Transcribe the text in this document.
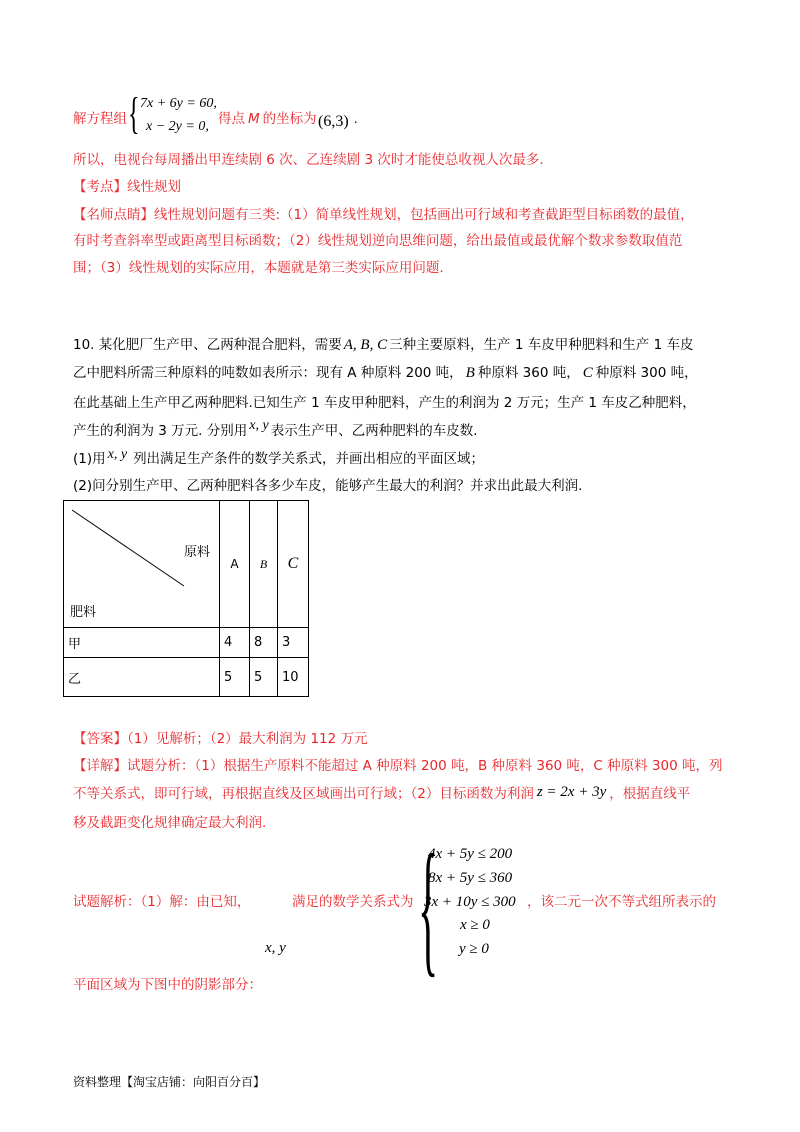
解方程组 { 7x + 6y = 60,
x − 2y = 0, 得点 M 的坐标为 (6,3) .
所以，电视台每周播出甲连续剧 6 次、乙连续剧 3 次时才能使总收视人次最多.
【考点】线性规划
【名师点睛】线性规划问题有三类:（1）简单线性规划，包括画出可行域和考查截距型目标函数的最值，
有时考查斜率型或距离型目标函数；（2）线性规划逆向思维问题，给出最值或最优解个数求参数取值范
围；（3）线性规划的实际应用，本题就是第三类实际应用问题.
10. 某化肥厂生产甲、乙两种混合肥料，需要 A, B, C 三种主要原料，生产 1 车皮甲种肥料和生产 1 车皮
乙中肥料所需三种原料的吨数如表所示：现有 A 种原料 200 吨， B 种原料 360 吨， C 种原料 300 吨，
在此基础上生产甲乙两种肥料.已知生产 1 车皮甲种肥料，产生的利润为 2 万元；生产 1 车皮乙种肥料，
产生的利润为 3 万元. 分别用 x, y 表示生产甲、乙两种肥料的车皮数.
(1)用 x, y 列出满足生产条件的数学关系式，并画出相应的平面区域；
(2)问分别生产甲、乙两种肥料各多少车皮，能够产生最大的利润？并求出此最大利润.
原料
肥料	A	B	C
甲	4	8	3
乙	5	5	10
【答案】（1）见解析；（2）最大利润为 112 万元
【详解】试题分析：（1）根据生产原料不能超过 A 种原料 200 吨，B 种原料 360 吨，C 种原料 300 吨，列
不等关系式，即可行域，再根据直线及区域画出可行域；（2）目标函数为利润 z = 2x + 3y ，根据直线平
移及截距变化规律确定最大利润.
试题解析：（1）解：由已知，	满足的数学关系式为
x, y {
4x + 5y ≤ 200
8x + 5y ≤ 360
3x + 10y ≤ 300
x ≥ 0
y ≥ 0
，该二元一次不等式组所表示的
平面区域为下图中的阴影部分：
资料整理【淘宝店铺：向阳百分百】
